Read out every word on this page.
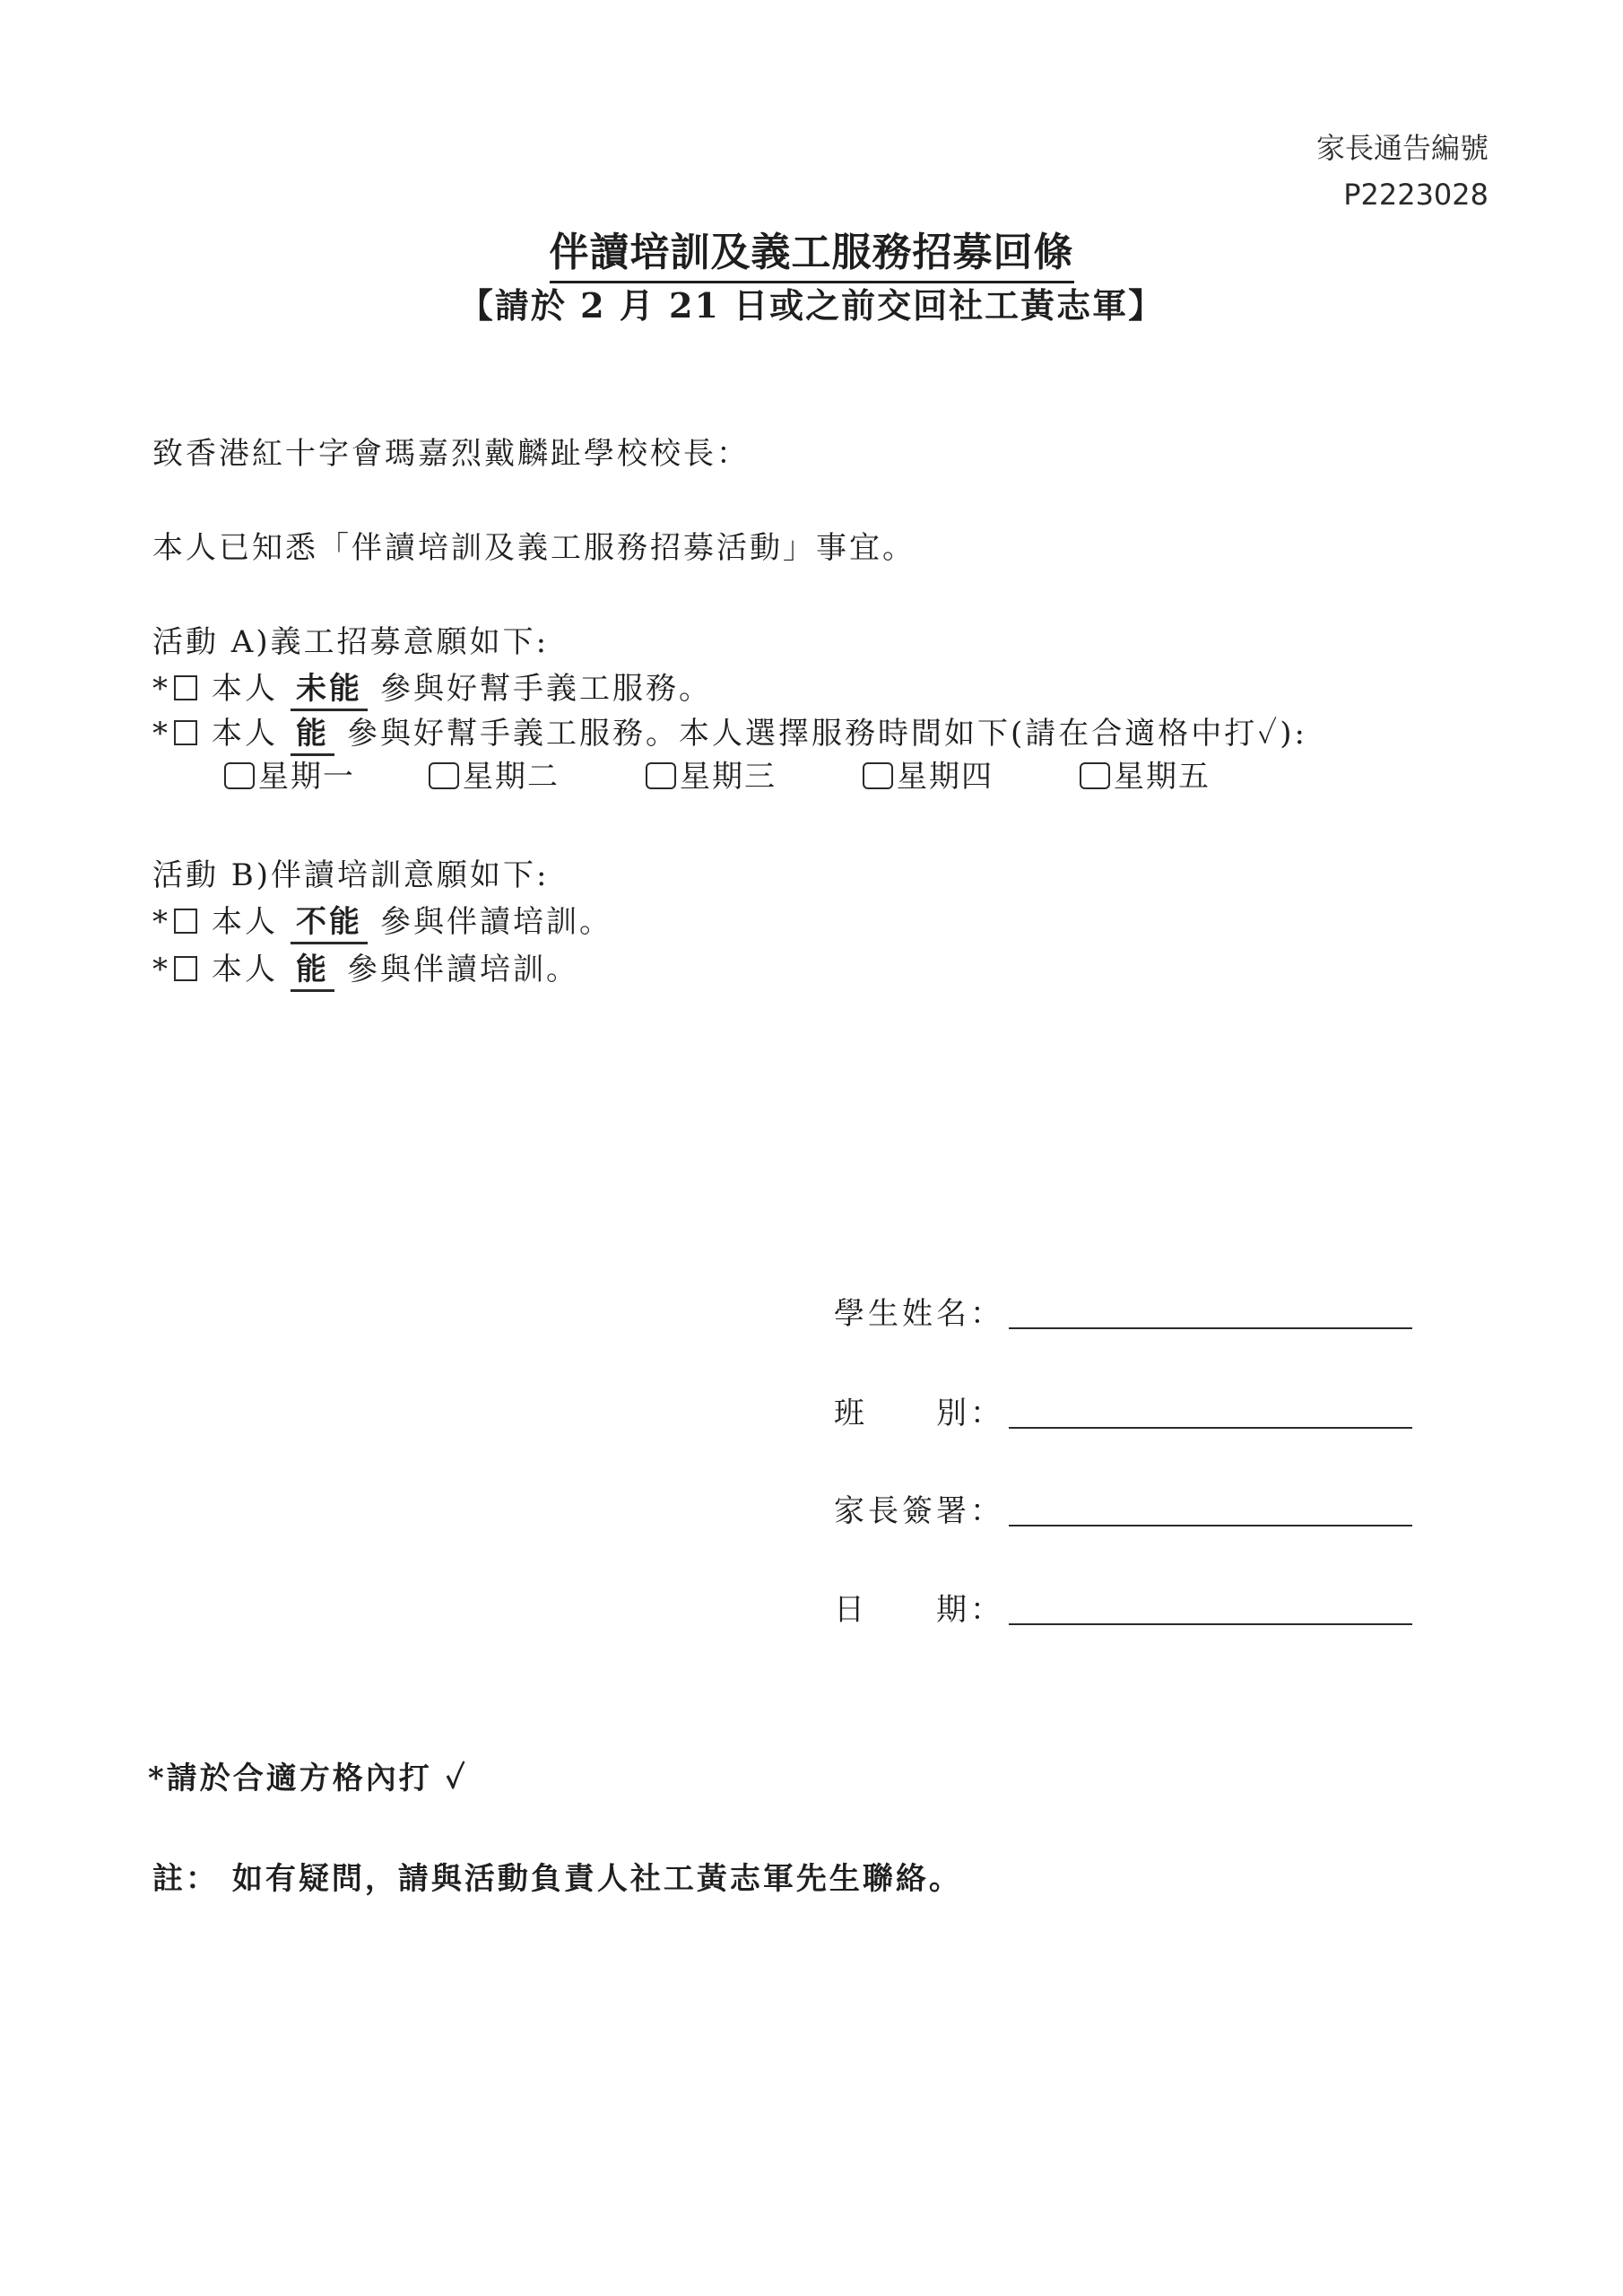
家長通告編號
P2223028
伴讀培訓及義工服務招募回條
【請於 2 月 21 日或之前交回社工黃志軍】
致香港紅十字會瑪嘉烈戴麟趾學校校長：
本人已知悉「伴讀培訓及義工服務招募活動」事宜。
活動 A)義工招募意願如下:
* 本人 未能 參與好幫手義工服務。
* 本人 能 參與好幫手義工服務。本人選擇服務時間如下(請在合適格中打✓):
星期一	星期二	星期三	星期四	星期五
活動 B)伴讀培訓意願如下:
* 本人 不能 參與伴讀培訓。
* 本人 能 參與伴讀培訓。
學生姓名：
班　　別：
家長簽署：
日　　期：
*請於合適方格內打 ✓
註： 如有疑問，請與活動負責人社工黃志軍先生聯絡。
